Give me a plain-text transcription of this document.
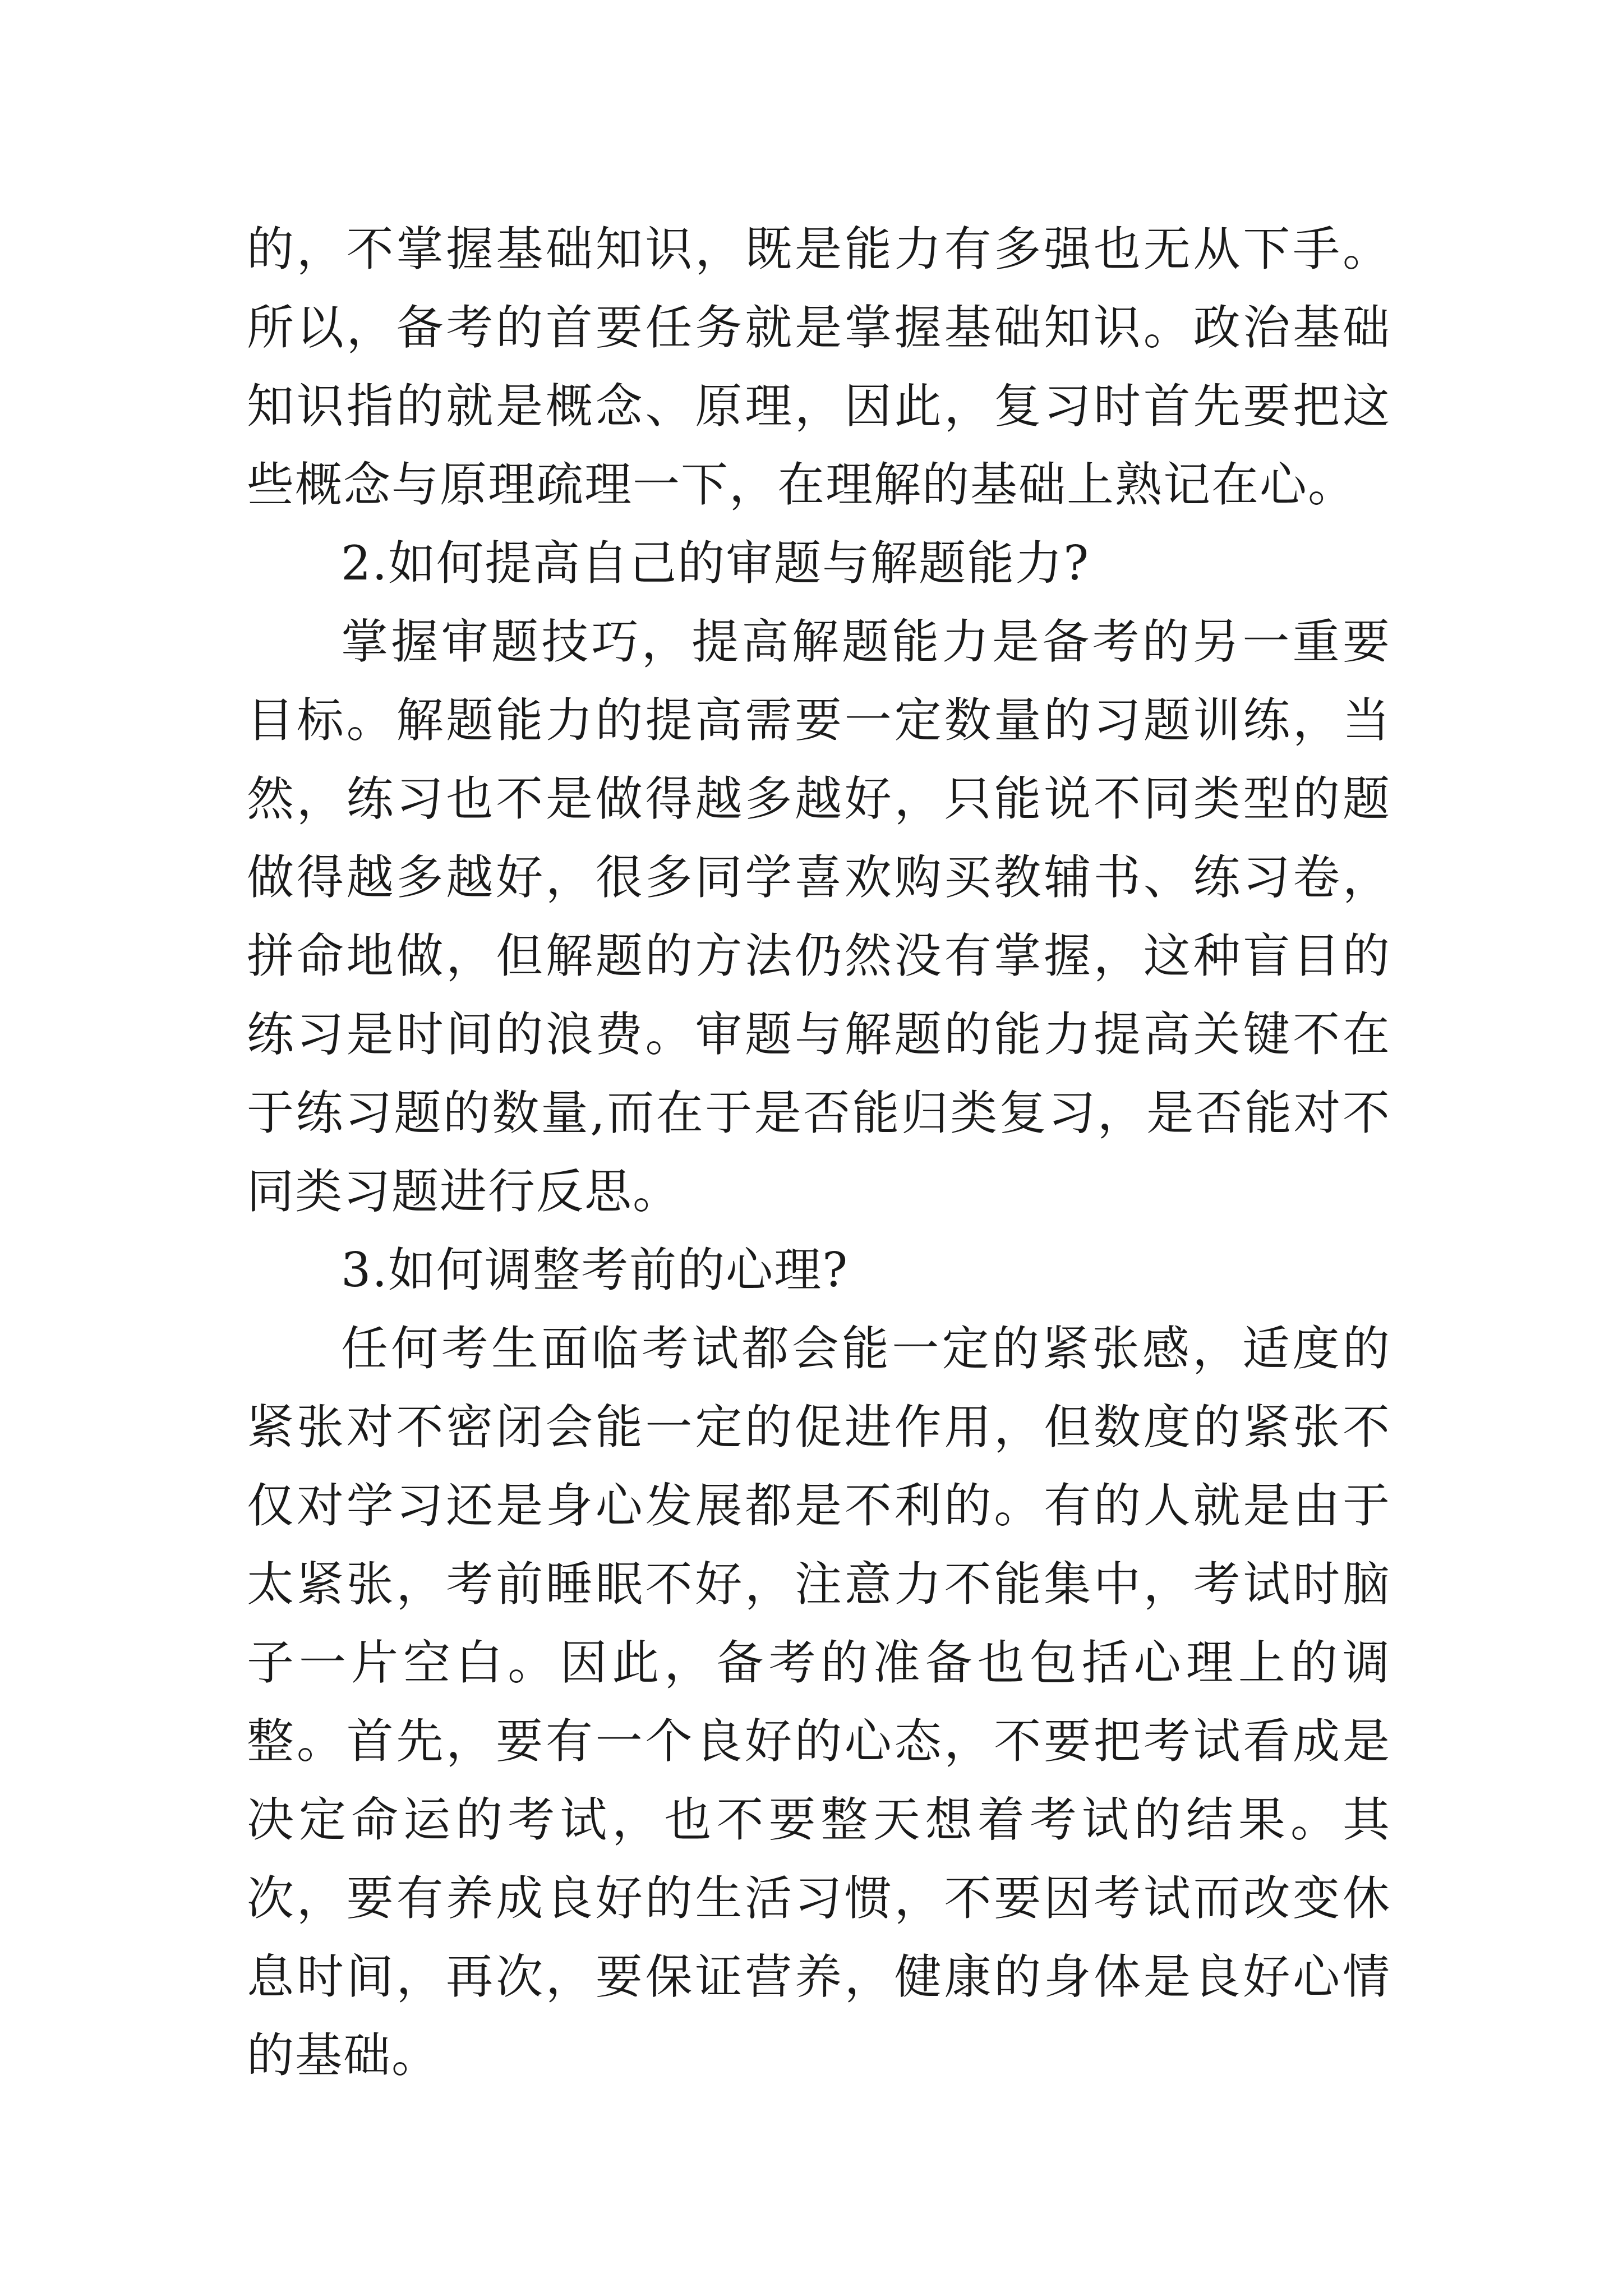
的，不掌握基础知识，既是能力有多强也无从下手。所以，备考的首要任务就是掌握基础知识。政治基础知识指的就是概念、原理，因此，复习时首先要把这些概念与原理疏理一下，在理解的基础上熟记在心。

2.如何提高自己的审题与解题能力?

掌握审题技巧，提高解题能力是备考的另一重要目标。解题能力的提高需要一定数量的习题训练，当然，练习也不是做得越多越好，只能说不同类型的题做得越多越好，很多同学喜欢购买教辅书、练习卷，拼命地做，但解题的方法仍然没有掌握，这种盲目的练习是时间的浪费。审题与解题的能力提高关键不在于练习题的数量,而在于是否能归类复习，是否能对不同类习题进行反思。

3.如何调整考前的心理?

任何考生面临考试都会能一定的紧张感，适度的紧张对不密闭会能一定的促进作用，但数度的紧张不仅对学习还是身心发展都是不利的。有的人就是由于太紧张，考前睡眠不好，注意力不能集中，考试时脑子一片空白。因此，备考的准备也包括心理上的调整。首先，要有一个良好的心态，不要把考试看成是决定命运的考试，也不要整天想着考试的结果。其次，要有养成良好的生活习惯，不要因考试而改变休息时间，再次，要保证营养，健康的身体是良好心情的基础。
